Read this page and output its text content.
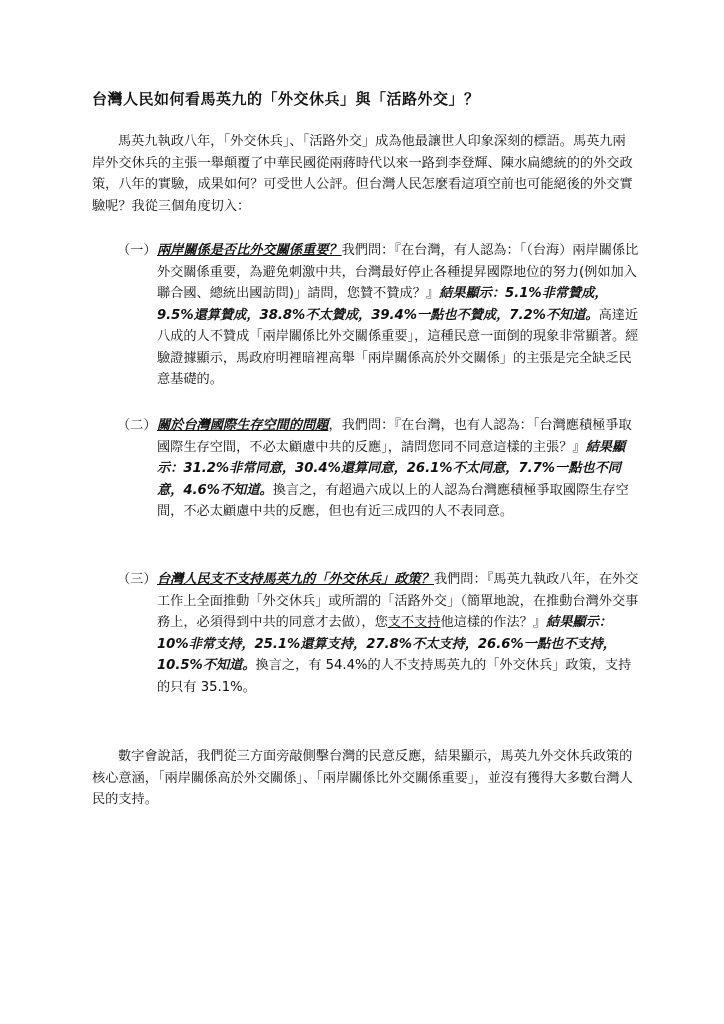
台灣人民如何看馬英九的「外交休兵」與「活路外交」？

馬英九執政八年，「外交休兵」、「活路外交」成為他最讓世人印象深刻的標語。馬英九兩岸外交休兵的主張一舉顛覆了中華民國從兩蔣時代以來一路到李登輝、陳水扁總統的的外交政策，八年的實驗，成果如何？可受世人公評。但台灣人民怎麼看這項空前也可能絕後的外交實驗呢？我從三個角度切入：

（一） 兩岸關係是否比外交關係重要？我們問：『在台灣，有人認為：「（台海）兩岸關係比外交關係重要，為避免刺激中共，台灣最好停止各種提昇國際地位的努力(例如加入聯合國、總統出國訪問)」請問，您贊不贊成？』結果顯示：5.1%非常贊成，9.5%還算贊成，38.8%不太贊成，39.4%一點也不贊成，7.2%不知道。高達近八成的人不贊成「兩岸關係比外交關係重要」，這種民意一面倒的現象非常顯著。經驗證據顯示，馬政府明裡暗裡高舉「兩岸關係高於外交關係」的主張是完全缺乏民意基礎的。

（二） 關於台灣國際生存空間的問題，我們問：『在台灣，也有人認為：「台灣應積極爭取國際生存空間，不必太顧慮中共的反應」，請問您同不同意這樣的主張？』結果顯示：31.2%非常同意，30.4%還算同意，26.1%不太同意，7.7%一點也不同意，4.6%不知道。換言之，有超過六成以上的人認為台灣應積極爭取國際生存空間，不必太顧慮中共的反應，但也有近三成四的人不表同意。

（三） 台灣人民支不支持馬英九的「外交休兵」政策？我們問：『馬英九執政八年，在外交工作上全面推動「外交休兵」或所謂的「活路外交」（簡單地說，在推動台灣外交事務上，必須得到中共的同意才去做），您支不支持他這樣的作法？』結果顯示：10%非常支持，25.1%還算支持，27.8%不太支持，26.6%一點也不支持，10.5%不知道。換言之，有 54.4%的人不支持馬英九的「外交休兵」政策，支持的只有 35.1%。

數字會說話，我們從三方面旁敲側擊台灣的民意反應，結果顯示，馬英九外交休兵政策的核心意涵，「兩岸關係高於外交關係」、「兩岸關係比外交關係重要」，並沒有獲得大多數台灣人民的支持。
